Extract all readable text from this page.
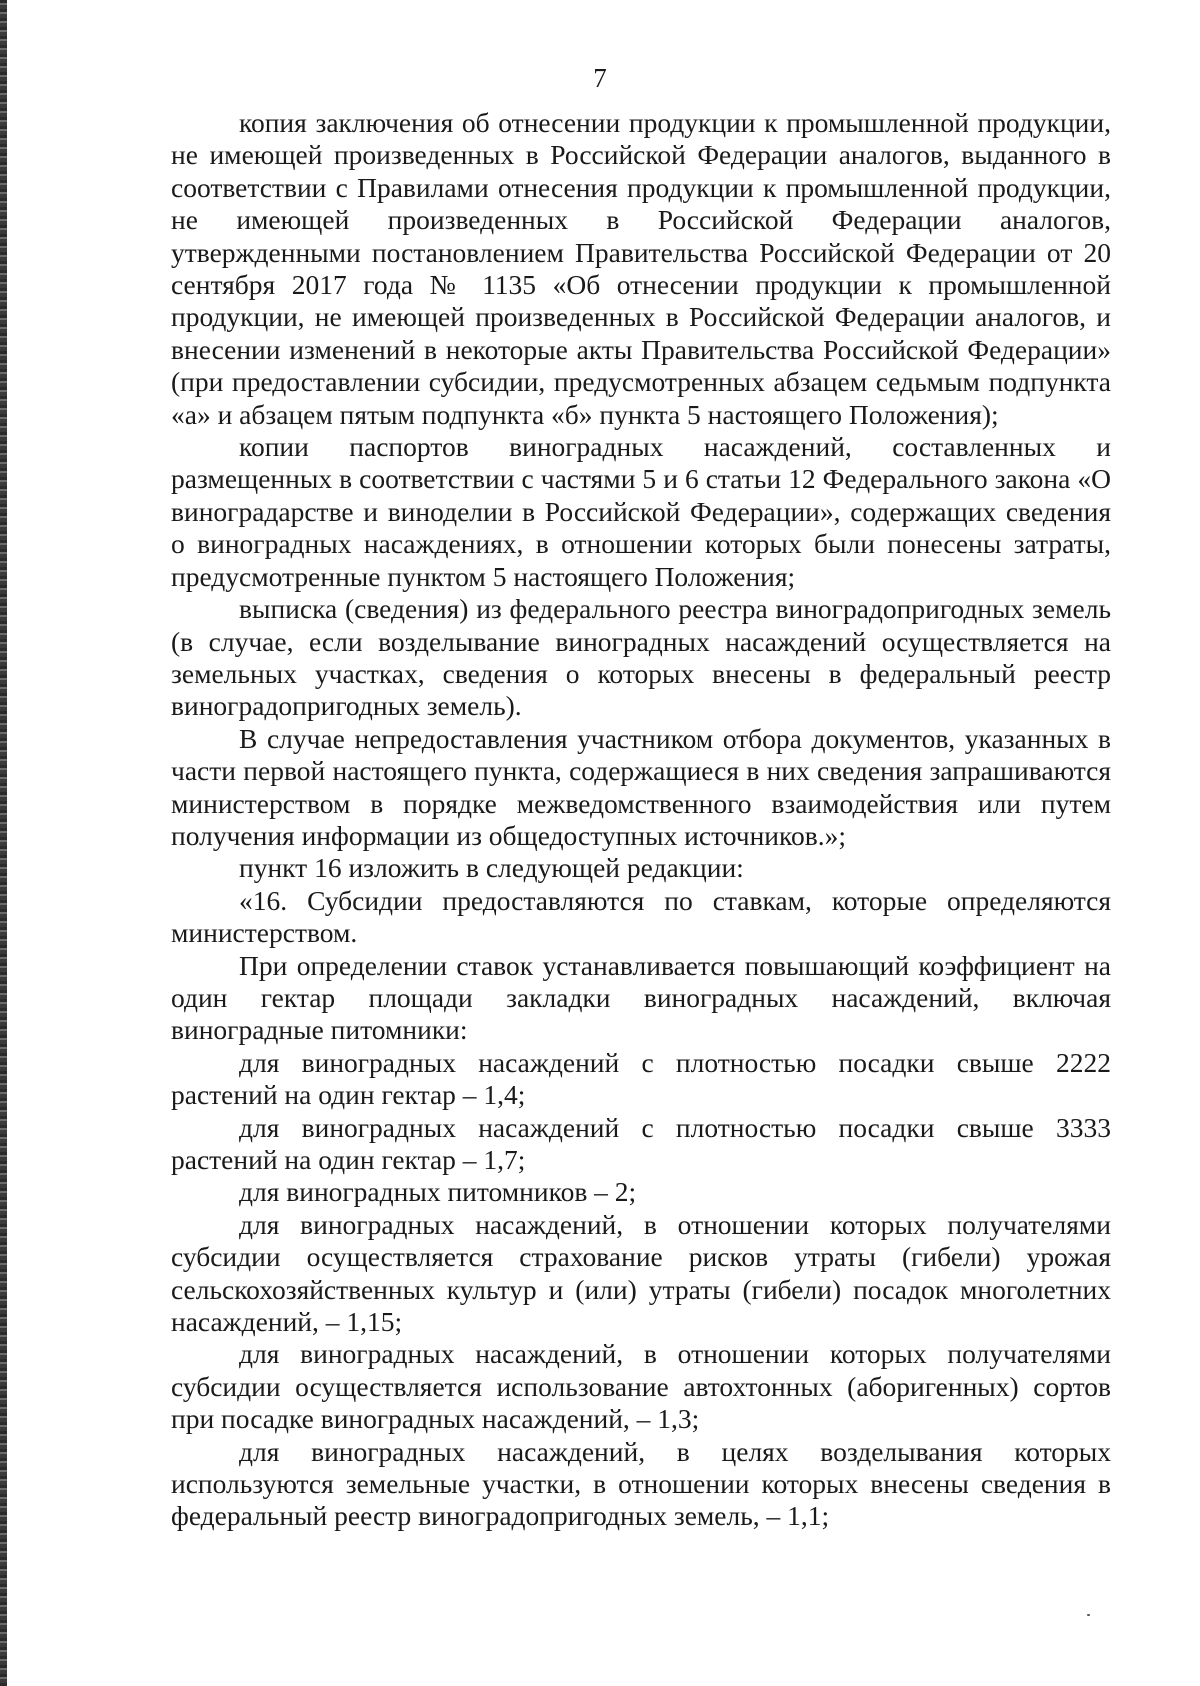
7

копия заключения об отнесении продукции к промышленной продукции, не имеющей произведенных в Российской Федерации аналогов, выданного в соответствии с Правилами отнесения продукции к промышленной продукции, не имеющей произведенных в Российской Федерации аналогов, утвержденными постановлением Правительства Российской Федерации от 20 сентября 2017 года № 1135 «Об отнесении продукции к промышленной продукции, не имеющей произведенных в Российской Федерации аналогов, и внесении изменений в некоторые акты Правительства Российской Федерации» (при предоставлении субсидии, предусмотренных абзацем седьмым подпункта «а» и абзацем пятым подпункта «б» пункта 5 настоящего Положения);

копии паспортов виноградных насаждений, составленных и размещенных в соответствии с частями 5 и 6 статьи 12 Федерального закона «О виноградарстве и виноделии в Российской Федерации», содержащих сведения о виноградных насаждениях, в отношении которых были понесены затраты, предусмотренные пунктом 5 настоящего Положения;

выписка (сведения) из федерального реестра виноградопригодных земель (в случае, если возделывание виноградных насаждений осуществляется на земельных участках, сведения о которых внесены в федеральный реестр виноградопригодных земель).

В случае непредоставления участником отбора документов, указанных в части первой настоящего пункта, содержащиеся в них сведения запрашиваются министерством в порядке межведомственного взаимодействия или путем получения информации из общедоступных источников.»;

пункт 16 изложить в следующей редакции:

«16. Субсидии предоставляются по ставкам, которые определяются министерством.

При определении ставок устанавливается повышающий коэффициент на один гектар площади закладки виноградных насаждений, включая виноградные питомники:

для виноградных насаждений с плотностью посадки свыше 2222 растений на один гектар – 1,4;

для виноградных насаждений с плотностью посадки свыше 3333 растений на один гектар – 1,7;

для виноградных питомников – 2;

для виноградных насаждений, в отношении которых получателями субсидии осуществляется страхование рисков утраты (гибели) урожая сельскохозяйственных культур и (или) утраты (гибели) посадок многолетних насаждений, – 1,15;

для виноградных насаждений, в отношении которых получателями субсидии осуществляется использование автохтонных (аборигенных) сортов при посадке виноградных насаждений, – 1,3;

для виноградных насаждений, в целях возделывания которых используются земельные участки, в отношении которых внесены сведения в федеральный реестр виноградопригодных земель, – 1,1;
